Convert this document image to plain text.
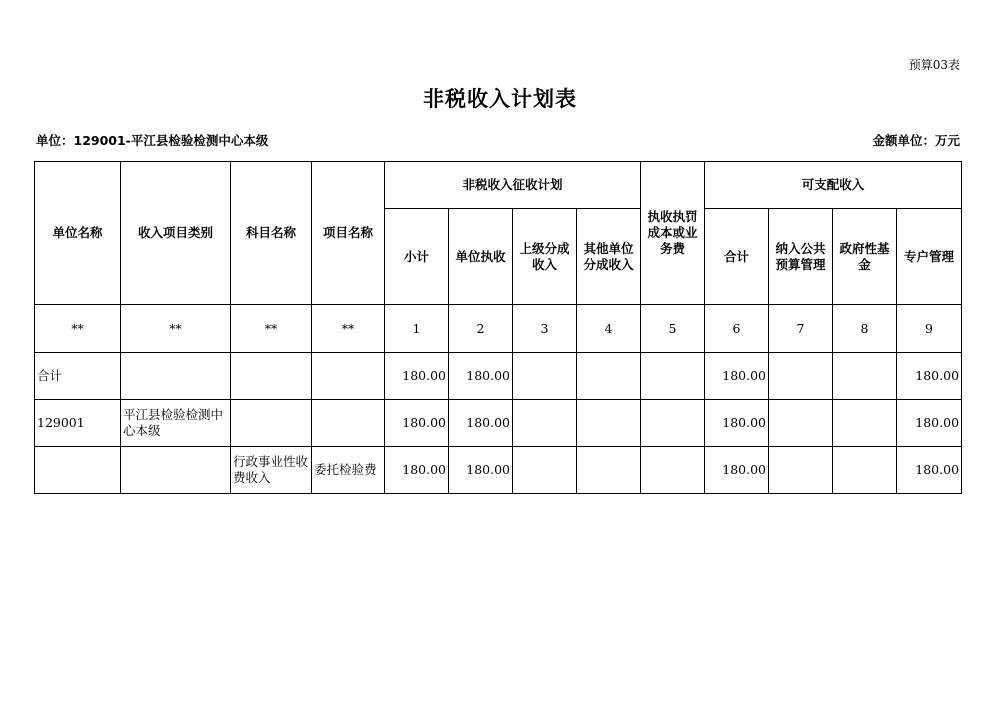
预算03表
非税收入计划表
单位：129001-平江县检验检测中心本级	金额单位：万元
单位名称	收入项目类别	科目名称	项目名称	非税收入征收计划				执收执罚成本或业务费	可支配收入			
				小计	单位执收	上级分成收入	其他单位分成收入		合计	纳入公共预算管理	政府性基金	专户管理
**	**	**	**	1	2	3	4	5	6	7	8	9
合计				180.00	180.00				180.00			180.00
129001	平江县检验检测中心本级			180.00	180.00				180.00			180.00
		行政事业性收费收入	委托检验费	180.00	180.00				180.00			180.00
